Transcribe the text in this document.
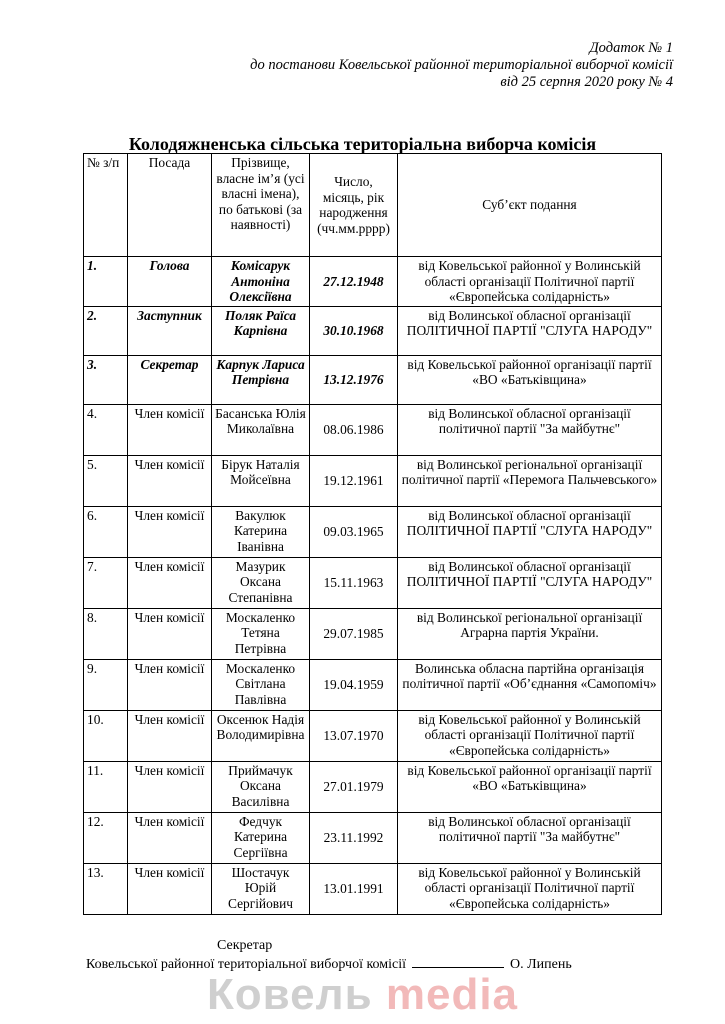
Додаток № 1
до постанови Ковельської районної територіальної виборчої комісії
від 25 серпня 2020 року № 4
Колодяжненська сільська територіальна виборча комісія
№ з/п	Посада	Прізвище, власне ім’я (усі власні імена), по батькові (за наявності)	Число, місяць, рік народження (чч.мм.рррр)	Суб’єкт подання
1.	Голова	Комісарук Антоніна Олексіївна	27.12.1948	від Ковельської районної у Волинській області організації Політичної партії «Європейська солідарність»
2.	Заступник	Поляк Раїса Карпівна	30.10.1968	від Волинської обласної організації ПОЛІТИЧНОЇ ПАРТІЇ "СЛУГА НАРОДУ"
3.	Секретар	Карпук Лариса Петрівна	13.12.1976	від Ковельської районної організації партії «ВО «Батьківщина»
4.	Член комісії	Басанська Юлія Миколаївна	08.06.1986	від Волинської обласної організації політичної партії "За майбутнє"
5.	Член комісії	Бірук Наталія Мойсеївна	19.12.1961	від Волинської регіональної організації політичної партії «Перемога Пальчевського»
6.	Член комісії	Вакулюк Катерина Іванівна	09.03.1965	від Волинської обласної організації ПОЛІТИЧНОЇ ПАРТІЇ "СЛУГА НАРОДУ"
7.	Член комісії	Мазурик Оксана Степанівна	15.11.1963	від Волинської обласної організації ПОЛІТИЧНОЇ ПАРТІЇ "СЛУГА НАРОДУ"
8.	Член комісії	Москаленко Тетяна Петрівна	29.07.1985	від Волинської регіональної організації Аграрна партія України.
9.	Член комісії	Москаленко Світлана Павлівна	19.04.1959	Волинська обласна партійна організація політичної партії «Об’єднання «Самопоміч»
10.	Член комісії	Оксенюк Надія Володимирівна	13.07.1970	від Ковельської районної у Волинській області організації Політичної партії «Європейська солідарність»
11.	Член комісії	Приймачук Оксана Василівна	27.01.1979	від Ковельської районної організації партії «ВО «Батьківщина»
12.	Член комісії	Федчук Катерина Сергіївна	23.11.1992	від Волинської обласної організації політичної партії "За майбутнє"
13.	Член комісії	Шостачук Юрій Сергійович	13.01.1991	від Ковельської районної у Волинській області організації Політичної партії «Європейська солідарність»
Секретар
Ковельської районної територіальної виборчої комісії	О. Липень
Ковель media
